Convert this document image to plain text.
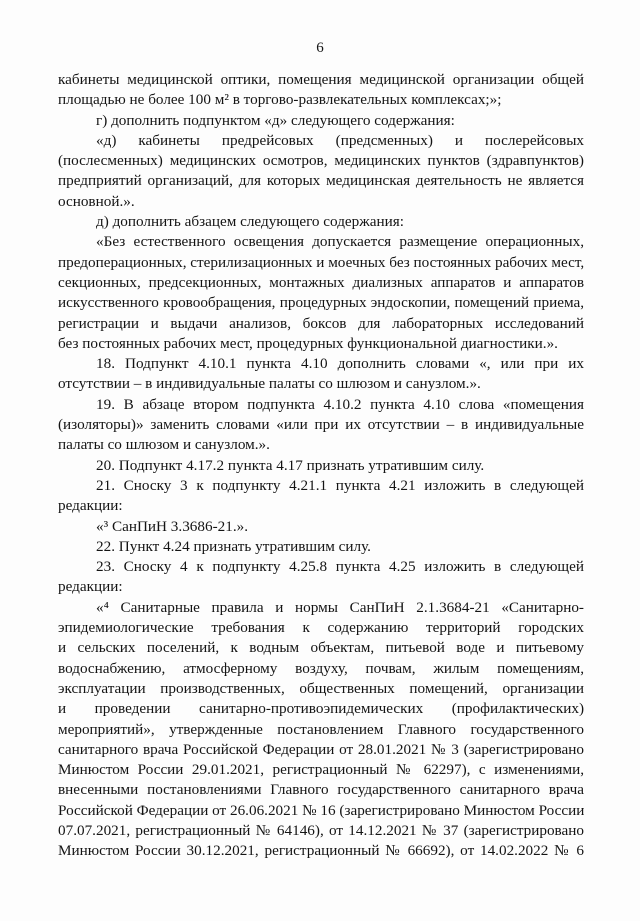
6
кабинеты медицинской оптики, помещения медицинской организации общей
площадью не более 100 м² в торгово-развлекательных комплексах;»;
г) дополнить подпунктом «д» следующего содержания:
«д) кабинеты предрейсовых (предсменных) и послерейсовых
(послесменных) медицинских осмотров, медицинских пунктов (здравпунктов)
предприятий организаций, для которых медицинская деятельность не является
основной.».
д) дополнить абзацем следующего содержания:
«Без естественного освещения допускается размещение операционных,
предоперационных, стерилизационных и моечных без постоянных рабочих мест,
секционных, предсекционных, монтажных диализных аппаратов и аппаратов
искусственного кровообращения, процедурных эндоскопии, помещений приема,
регистрации и выдачи анализов, боксов для лабораторных исследований
без постоянных рабочих мест, процедурных функциональной диагностики.».
18. Подпункт 4.10.1 пункта 4.10 дополнить словами «, или при их
отсутствии – в индивидуальные палаты со шлюзом и санузлом.».
19. В абзаце втором подпункта 4.10.2 пункта 4.10 слова «помещения
(изоляторы)» заменить словами «или при их отсутствии – в индивидуальные
палаты со шлюзом и санузлом.».
20. Подпункт 4.17.2 пункта 4.17 признать утратившим силу.
21. Сноску 3 к подпункту 4.21.1 пункта 4.21 изложить в следующей
редакции:
«³ СанПиН 3.3686-21.».
22. Пункт 4.24 признать утратившим силу.
23. Сноску 4 к подпункту 4.25.8 пункта 4.25 изложить в следующей
редакции:
«⁴ Санитарные правила и нормы СанПиН 2.1.3684-21 «Санитарно-
эпидемиологические требования к содержанию территорий городских
и сельских поселений, к водным объектам, питьевой воде и питьевому
водоснабжению, атмосферному воздуху, почвам, жилым помещениям,
эксплуатации производственных, общественных помещений, организации
и проведении санитарно-противоэпидемических (профилактических)
мероприятий», утвержденные постановлением Главного государственного
санитарного врача Российской Федерации от 28.01.2021 № 3 (зарегистрировано
Минюстом России 29.01.2021, регистрационный № 62297), с изменениями,
внесенными постановлениями Главного государственного санитарного врача
Российской Федерации от 26.06.2021 № 16 (зарегистрировано Минюстом России
07.07.2021, регистрационный № 64146), от 14.12.2021 № 37 (зарегистрировано
Минюстом России 30.12.2021, регистрационный № 66692), от 14.02.2022 № 6
